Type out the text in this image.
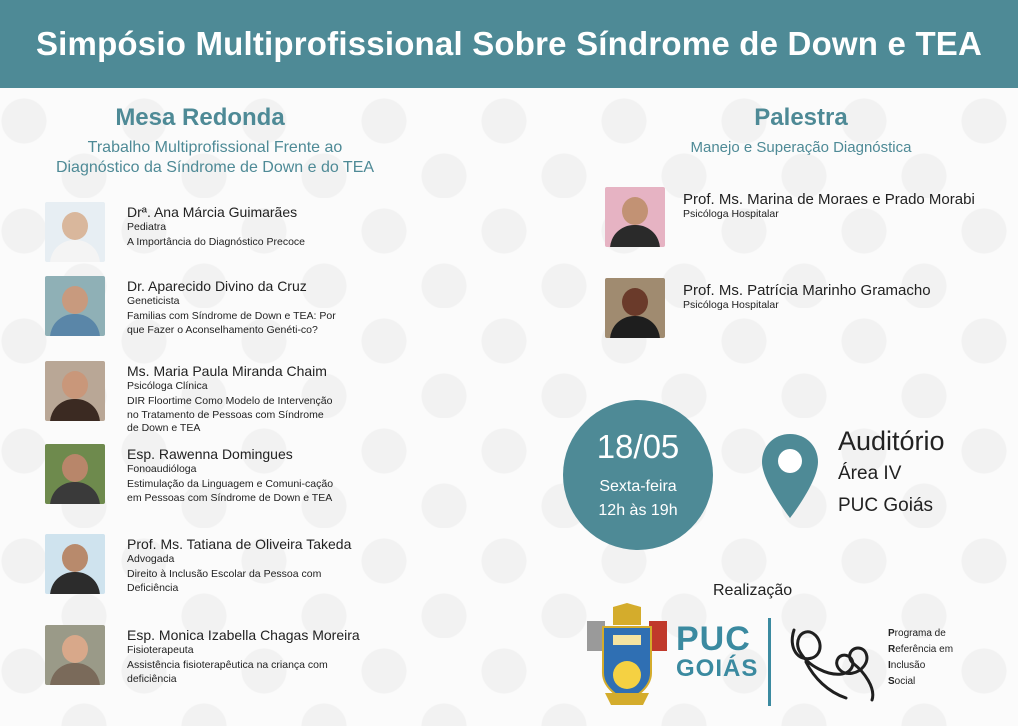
Simpósio Multiprofissional Sobre Síndrome de Down e TEA
Mesa Redonda
Trabalho Multiprofissional Frente ao
Diagnóstico da Síndrome de Down e do TEA
Drª. Ana Márcia Guimarães
Pediatra
A Importância do Diagnóstico Precoce
Dr. Aparecido Divino da Cruz
Geneticista
Familias com Síndrome de Down e TEA: Por que Fazer o Aconselhamento Genéti-co?
Ms. Maria Paula Miranda Chaim
Psicóloga Clínica
DIR Floortime Como Modelo de Intervenção no Tratamento de Pessoas com Síndrome de Down e TEA
Esp. Rawenna Domingues
Fonoaudióloga
Estimulação da Linguagem e Comuni-cação em Pessoas com Síndrome de Down e TEA
Prof. Ms. Tatiana de Oliveira Takeda
Advogada
Direito à Inclusão Escolar da Pessoa com Deficiência
Esp. Monica Izabella Chagas Moreira
Fisioterapeuta
Assistência fisioterapêutica na criança com deficiência
Palestra
Manejo e Superação Diagnóstica
Prof. Ms. Marina de Moraes e Prado Morabi
Psicóloga Hospitalar
Prof. Ms. Patrícia Marinho Gramacho
Psicóloga Hospitalar
18/05
Sexta-feira
12h às 19h
Auditório
Área IV
PUC Goiás
Realização
PUC
GOIÁS
Programa de
Referência em
Inclusão
Social
